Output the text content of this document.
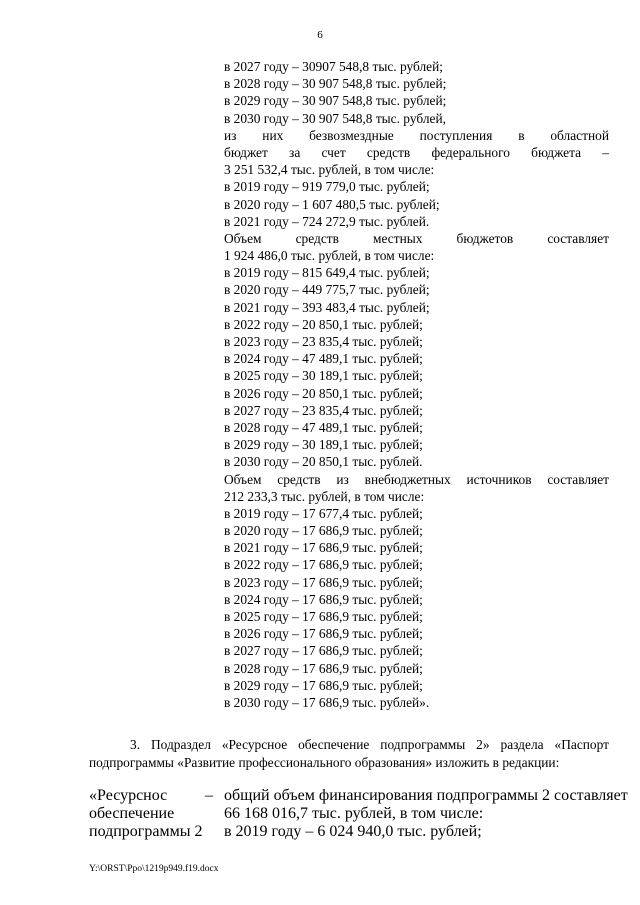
6
в 2027 году – 30907 548,8 тыс. рублей;
в 2028 году – 30 907 548,8 тыс. рублей;
в 2029 году – 30 907 548,8 тыс. рублей;
в 2030 году – 30 907 548,8 тыс. рублей,
из них безвозмездные поступления в областной
бюджет за счет средств федерального бюджета –
3 251 532,4 тыс. рублей, в том числе:
в 2019 году – 919 779,0 тыс. рублей;
в 2020 году – 1 607 480,5 тыс. рублей;
в 2021 году – 724 272,9 тыс. рублей.
Объем средств местных бюджетов составляет
1 924 486,0 тыс. рублей, в том числе:
в 2019 году – 815 649,4 тыс. рублей;
в 2020 году – 449 775,7 тыс. рублей;
в 2021 году – 393 483,4 тыс. рублей;
в 2022 году – 20 850,1 тыс. рублей;
в 2023 году – 23 835,4 тыс. рублей;
в 2024 году – 47 489,1 тыс. рублей;
в 2025 году – 30 189,1 тыс. рублей;
в 2026 году – 20 850,1 тыс. рублей;
в 2027 году – 23 835,4 тыс. рублей;
в 2028 году – 47 489,1 тыс. рублей;
в 2029 году – 30 189,1 тыс. рублей;
в 2030 году – 20 850,1 тыс. рублей.
Объем средств из внебюджетных источников составляет
212 233,3 тыс. рублей, в том числе:
в 2019 году – 17 677,4 тыс. рублей;
в 2020 году – 17 686,9 тыс. рублей;
в 2021 году – 17 686,9 тыс. рублей;
в 2022 году – 17 686,9 тыс. рублей;
в 2023 году – 17 686,9 тыс. рублей;
в 2024 году – 17 686,9 тыс. рублей;
в 2025 году – 17 686,9 тыс. рублей;
в 2026 году – 17 686,9 тыс. рублей;
в 2027 году – 17 686,9 тыс. рублей;
в 2028 году – 17 686,9 тыс. рублей;
в 2029 году – 17 686,9 тыс. рублей;
в 2030 году – 17 686,9 тыс. рублей».
3. Подраздел «Ресурсное обеспечение подпрограммы 2» раздела «Паспорт
подпрограммы «Развитие профессионального образования» изложить в редакции:
«Ресурснос
обеспечение
подпрограммы 2
– общий объем финансирования подпрограммы 2 составляет
66 168 016,7 тыс. рублей, в том числе:
в 2019 году – 6 024 940,0 тыс. рублей;
Y:\ORST\Ppo\1219p949.f19.docx
